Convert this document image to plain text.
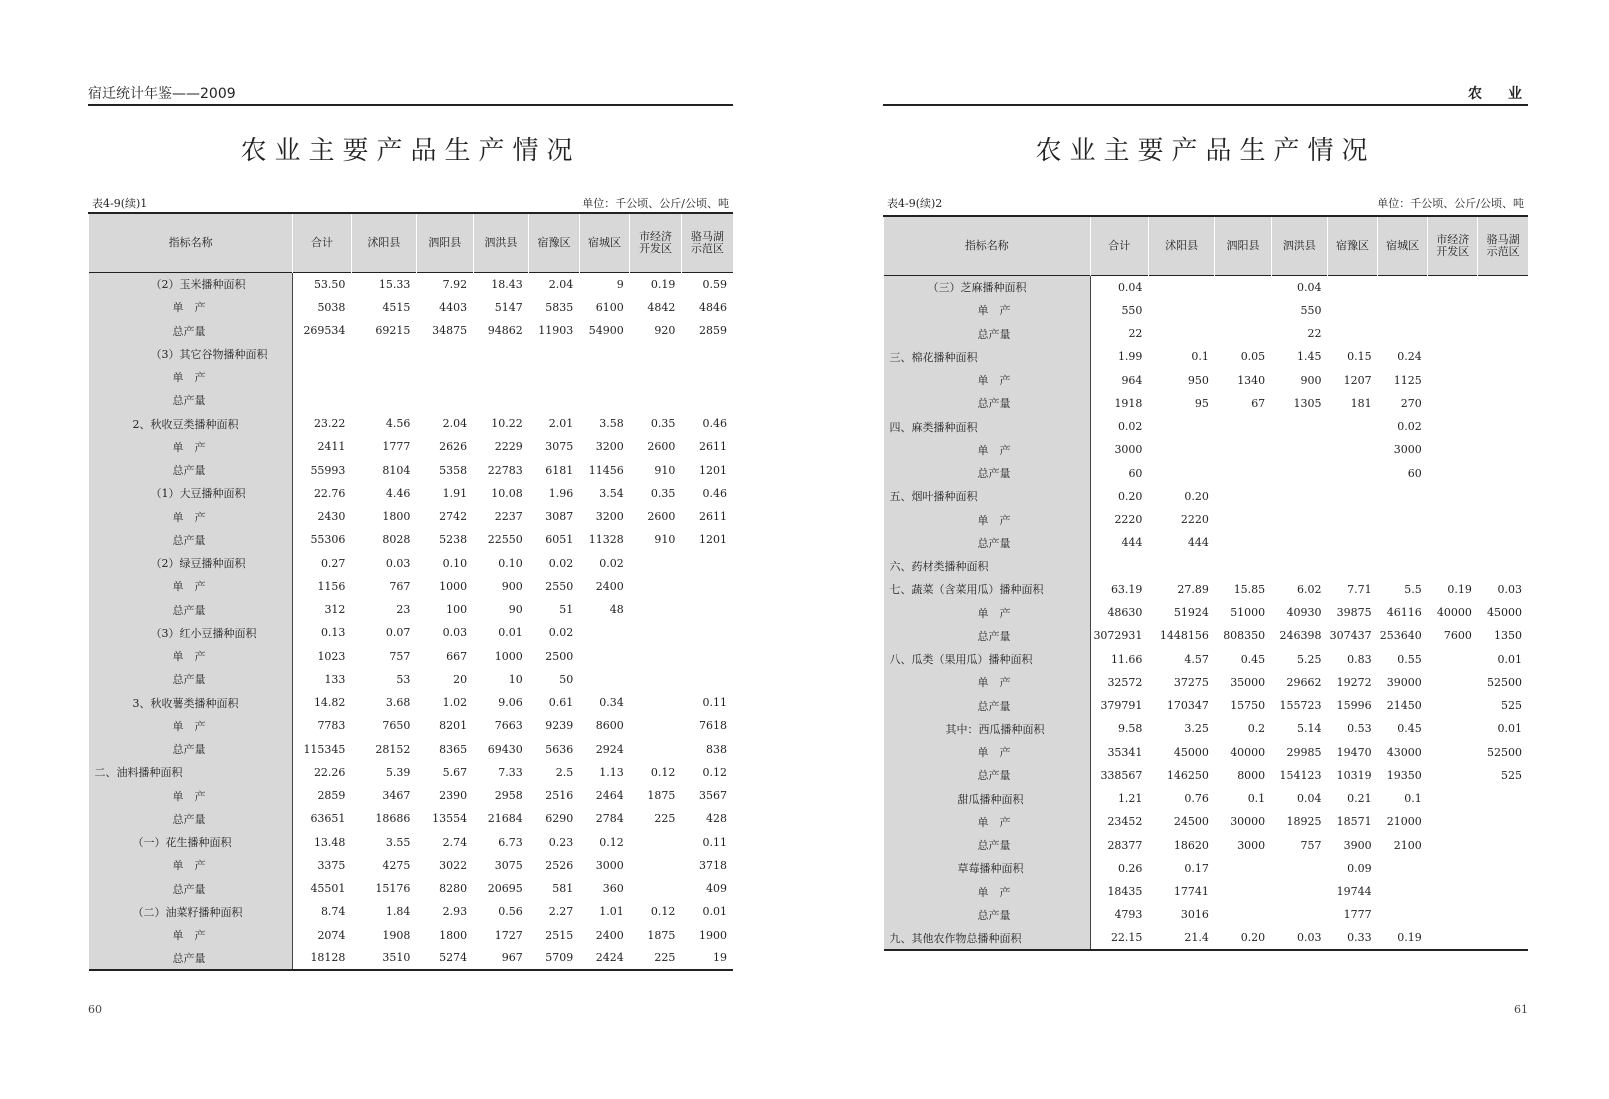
宿迁统计年鉴——2009
农业主要产品生产情况
表4-9(续)1	单位：千公顷、公斤/公顷、吨
指标名称	合计	沭阳县	泗阳县	泗洪县	宿豫区	宿城区	市经济
开发区	骆马湖
示范区
（2）玉米播种面积	53.50	15.33	7.92	18.43	2.04	9	0.19	0.59
单　产	5038	4515	4403	5147	5835	6100	4842	4846
总产量	269534	69215	34875	94862	11903	54900	920	2859
（3）其它谷物播种面积								
单　产								
总产量								
2、秋收豆类播种面积	23.22	4.56	2.04	10.22	2.01	3.58	0.35	0.46
单　产	2411	1777	2626	2229	3075	3200	2600	2611
总产量	55993	8104	5358	22783	6181	11456	910	1201
（1）大豆播种面积	22.76	4.46	1.91	10.08	1.96	3.54	0.35	0.46
单　产	2430	1800	2742	2237	3087	3200	2600	2611
总产量	55306	8028	5238	22550	6051	11328	910	1201
（2）绿豆播种面积	0.27	0.03	0.10	0.10	0.02	0.02		
单　产	1156	767	1000	900	2550	2400		
总产量	312	23	100	90	51	48		
（3）红小豆播种面积	0.13	0.07	0.03	0.01	0.02			
单　产	1023	757	667	1000	2500			
总产量	133	53	20	10	50			
3、秋收薯类播种面积	14.82	3.68	1.02	9.06	0.61	0.34		0.11
单　产	7783	7650	8201	7663	9239	8600		7618
总产量	115345	28152	8365	69430	5636	2924		838
二、油料播种面积	22.26	5.39	5.67	7.33	2.5	1.13	0.12	0.12
单　产	2859	3467	2390	2958	2516	2464	1875	3567
总产量	63651	18686	13554	21684	6290	2784	225	428
（一）花生播种面积	13.48	3.55	2.74	6.73	0.23	0.12		0.11
单　产	3375	4275	3022	3075	2526	3000		3718
总产量	45501	15176	8280	20695	581	360		409
（二）油菜籽播种面积	8.74	1.84	2.93	0.56	2.27	1.01	0.12	0.01
单　产	2074	1908	1800	1727	2515	2400	1875	1900
总产量	18128	3510	5274	967	5709	2424	225	19
60
农　业
农业主要产品生产情况
表4-9(续)2	单位：千公顷、公斤/公顷、吨
指标名称	合计	沭阳县	泗阳县	泗洪县	宿豫区	宿城区	市经济
开发区	骆马湖
示范区
（三）芝麻播种面积	0.04			0.04				
单　产	550			550				
总产量	22			22				
三、棉花播种面积	1.99	0.1	0.05	1.45	0.15	0.24		
单　产	964	950	1340	900	1207	1125		
总产量	1918	95	67	1305	181	270		
四、麻类播种面积	0.02					0.02		
单　产	3000					3000		
总产量	60					60		
五、烟叶播种面积	0.20	0.20						
单　产	2220	2220						
总产量	444	444						
六、药材类播种面积								
七、蔬菜（含菜用瓜）播种面积	63.19	27.89	15.85	6.02	7.71	5.5	0.19	0.03
单　产	48630	51924	51000	40930	39875	46116	40000	45000
总产量	3072931	1448156	808350	246398	307437	253640	7600	1350
八、瓜类（果用瓜）播种面积	11.66	4.57	0.45	5.25	0.83	0.55		0.01
单　产	32572	37275	35000	29662	19272	39000		52500
总产量	379791	170347	15750	155723	15996	21450		525
其中：西瓜播种面积	9.58	3.25	0.2	5.14	0.53	0.45		0.01
单　产	35341	45000	40000	29985	19470	43000		52500
总产量	338567	146250	8000	154123	10319	19350		525
甜瓜播种面积	1.21	0.76	0.1	0.04	0.21	0.1		
单　产	23452	24500	30000	18925	18571	21000		
总产量	28377	18620	3000	757	3900	2100		
草莓播种面积	0.26	0.17			0.09			
单　产	18435	17741			19744			
总产量	4793	3016			1777			
九、其他农作物总播种面积	22.15	21.4	0.20	0.03	0.33	0.19		
61
